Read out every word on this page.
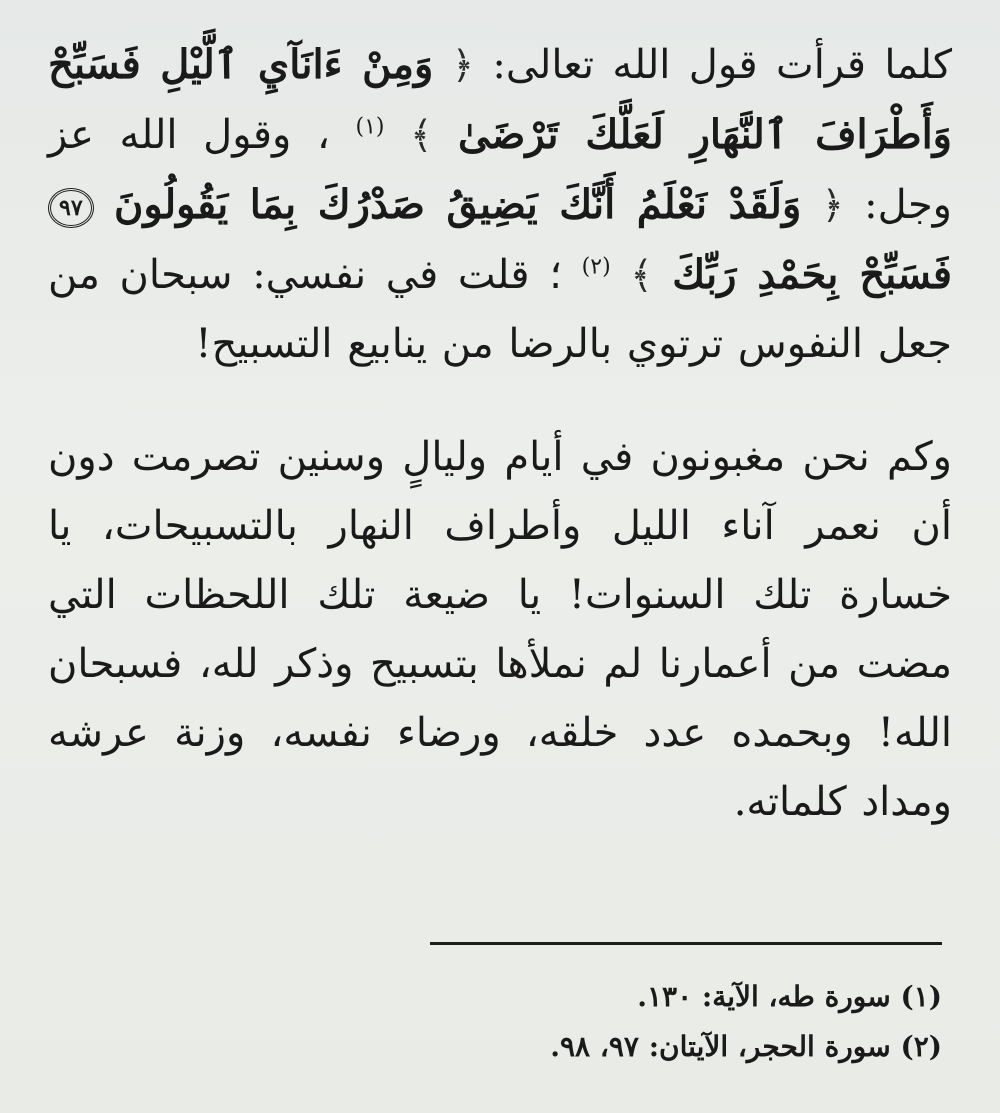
كلما قرأت قول الله تعالى: ﴿ وَمِنْ ءَانَآيِ ٱلَّيْلِ فَسَبِّحْ وَأَطْرَافَ ٱلنَّهَارِ لَعَلَّكَ تَرْضَىٰ ﴾ $^{(١)}$ ، وقول الله عز وجل: ﴿ وَلَقَدْ نَعْلَمُ أَنَّكَ يَضِيقُ صَدْرُكَ بِمَا يَقُولُونَ ٩٧ فَسَبِّحْ بِحَمْدِ رَبِّكَ ﴾ $^{(٢)}$ ؛ قلت في نفسي: سبحان من جعل النفوس ترتوي بالرضا من ينابيع التسبيح!

وكم نحن مغبونون في أيام وليالٍ وسنين تصرمت دون أن نعمر آناء الليل وأطراف النهار بالتسبيحات، يا خسارة تلك السنوات! يا ضيعة تلك اللحظات التي مضت من أعمارنا لم نملأها بتسبيح وذكر لله، فسبحان الله! وبحمده عدد خلقه، ورضاء نفسه، وزنة عرشه ومداد كلماته.

(١) سورة طه، الآية: ١٣٠.
(٢) سورة الحجر، الآيتان: ٩٧، ٩٨.
